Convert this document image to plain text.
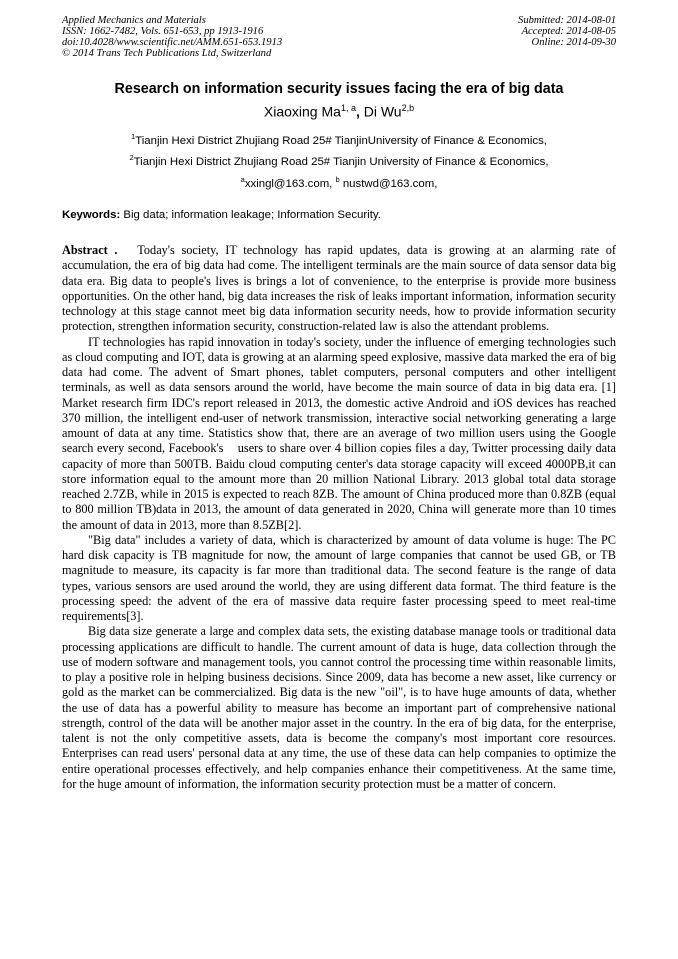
Applied Mechanics and Materials
ISSN: 1662-7482, Vols. 651-653, pp 1913-1916
doi:10.4028/www.scientific.net/AMM.651-653.1913
© 2014 Trans Tech Publications Ltd, Switzerland
Submitted: 2014-08-01
Accepted: 2014-08-05
Online: 2014-09-30
Research on information security issues facing the era of big data
Xiaoxing Ma$^{1, a}$, Di Wu$^{2,b}$
$^1$Tianjin Hexi District Zhujiang Road 25# TianjinUniversity of Finance & Economics,
$^2$Tianjin Hexi District Zhujiang Road 25# Tianjin University of Finance & Economics,
$^a$xxingl@163.com, $^b$ nustwd@163.com,
Keywords: Big data; information leakage; Information Security.

Abstract .   Today's society, IT technology has rapid updates, data is growing at an alarming rate of accumulation, the era of big data had come. The intelligent terminals are the main source of data sensor data big data era. Big data to people's lives is brings a lot of convenience, to the enterprise is provide more business opportunities. On the other hand, big data increases the risk of leaks important information, information security technology at this stage cannot meet big data information security needs, how to provide information security protection, strengthen information security, construction-related law is also the attendant problems.

IT technologies has rapid innovation in today's society, under the influence of emerging technologies such as cloud computing and IOT, data is growing at an alarming speed explosive, massive data marked the era of big data had come. The advent of Smart phones, tablet computers, personal computers and other intelligent terminals, as well as data sensors around the world, have become the main source of data in big data era. [1] Market research firm IDC's report released in 2013, the domestic active Android and iOS devices has reached 370 million, the intelligent end-user of network transmission, interactive social networking generating a large amount of data at any time. Statistics show that, there are an average of two million users using the Google search every second, Facebook's    users to share over 4 billion copies files a day, Twitter processing daily data capacity of more than 500TB. Baidu cloud computing center's data storage capacity will exceed 4000PB,it can store information equal to the amount more than 20 million National Library. 2013 global total data storage reached 2.7ZB, while in 2015 is expected to reach 8ZB. The amount of China produced more than 0.8ZB (equal to 800 million TB)data in 2013, the amount of data generated in 2020, China will generate more than 10 times the amount of data in 2013, more than 8.5ZB[2].

"Big data" includes a variety of data, which is characterized by amount of data volume is huge: The PC hard disk capacity is TB magnitude for now, the amount of large companies that cannot be used GB, or TB magnitude to measure, its capacity is far more than traditional data. The second feature is the range of data types, various sensors are used around the world, they are using different data format. The third feature is the processing speed: the advent of the era of massive data require faster processing speed to meet real-time requirements[3].

Big data size generate a large and complex data sets, the existing database manage tools or traditional data processing applications are difficult to handle. The current amount of data is huge, data collection through the use of modern software and management tools, you cannot control the processing time within reasonable limits, to play a positive role in helping business decisions. Since 2009, data has become a new asset, like currency or gold as the market can be commercialized. Big data is the new "oil", is to have huge amounts of data, whether the use of data has a powerful ability to measure has become an important part of comprehensive national strength, control of the data will be another major asset in the country. In the era of big data, for the enterprise, talent is not the only competitive assets, data is become the company's most important core resources. Enterprises can read users' personal data at any time, the use of these data can help companies to optimize the entire operational processes effectively, and help companies enhance their competitiveness. At the same time, for the huge amount of information, the information security protection must be a matter of concern.
